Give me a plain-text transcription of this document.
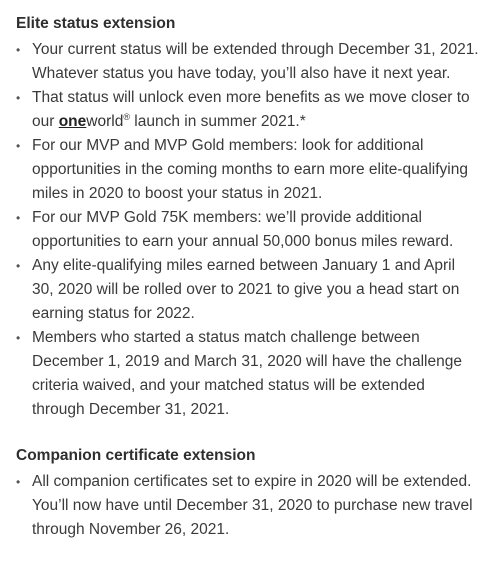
Elite status extension
• Your current status will be extended through December 31, 2021. Whatever status you have today, you’ll also have it next year.
• That status will unlock even more benefits as we move closer to our oneworld® launch in summer 2021.*
• For our MVP and MVP Gold members: look for additional opportunities in the coming months to earn more elite-qualifying miles in 2020 to boost your status in 2021.
• For our MVP Gold 75K members: we’ll provide additional opportunities to earn your annual 50,000 bonus miles reward.
• Any elite-qualifying miles earned between January 1 and April 30, 2020 will be rolled over to 2021 to give you a head start on earning status for 2022.
• Members who started a status match challenge between December 1, 2019 and March 31, 2020 will have the challenge criteria waived, and your matched status will be extended through December 31, 2021.
Companion certificate extension
• All companion certificates set to expire in 2020 will be extended. You’ll now have until December 31, 2020 to purchase new travel through November 26, 2021.
